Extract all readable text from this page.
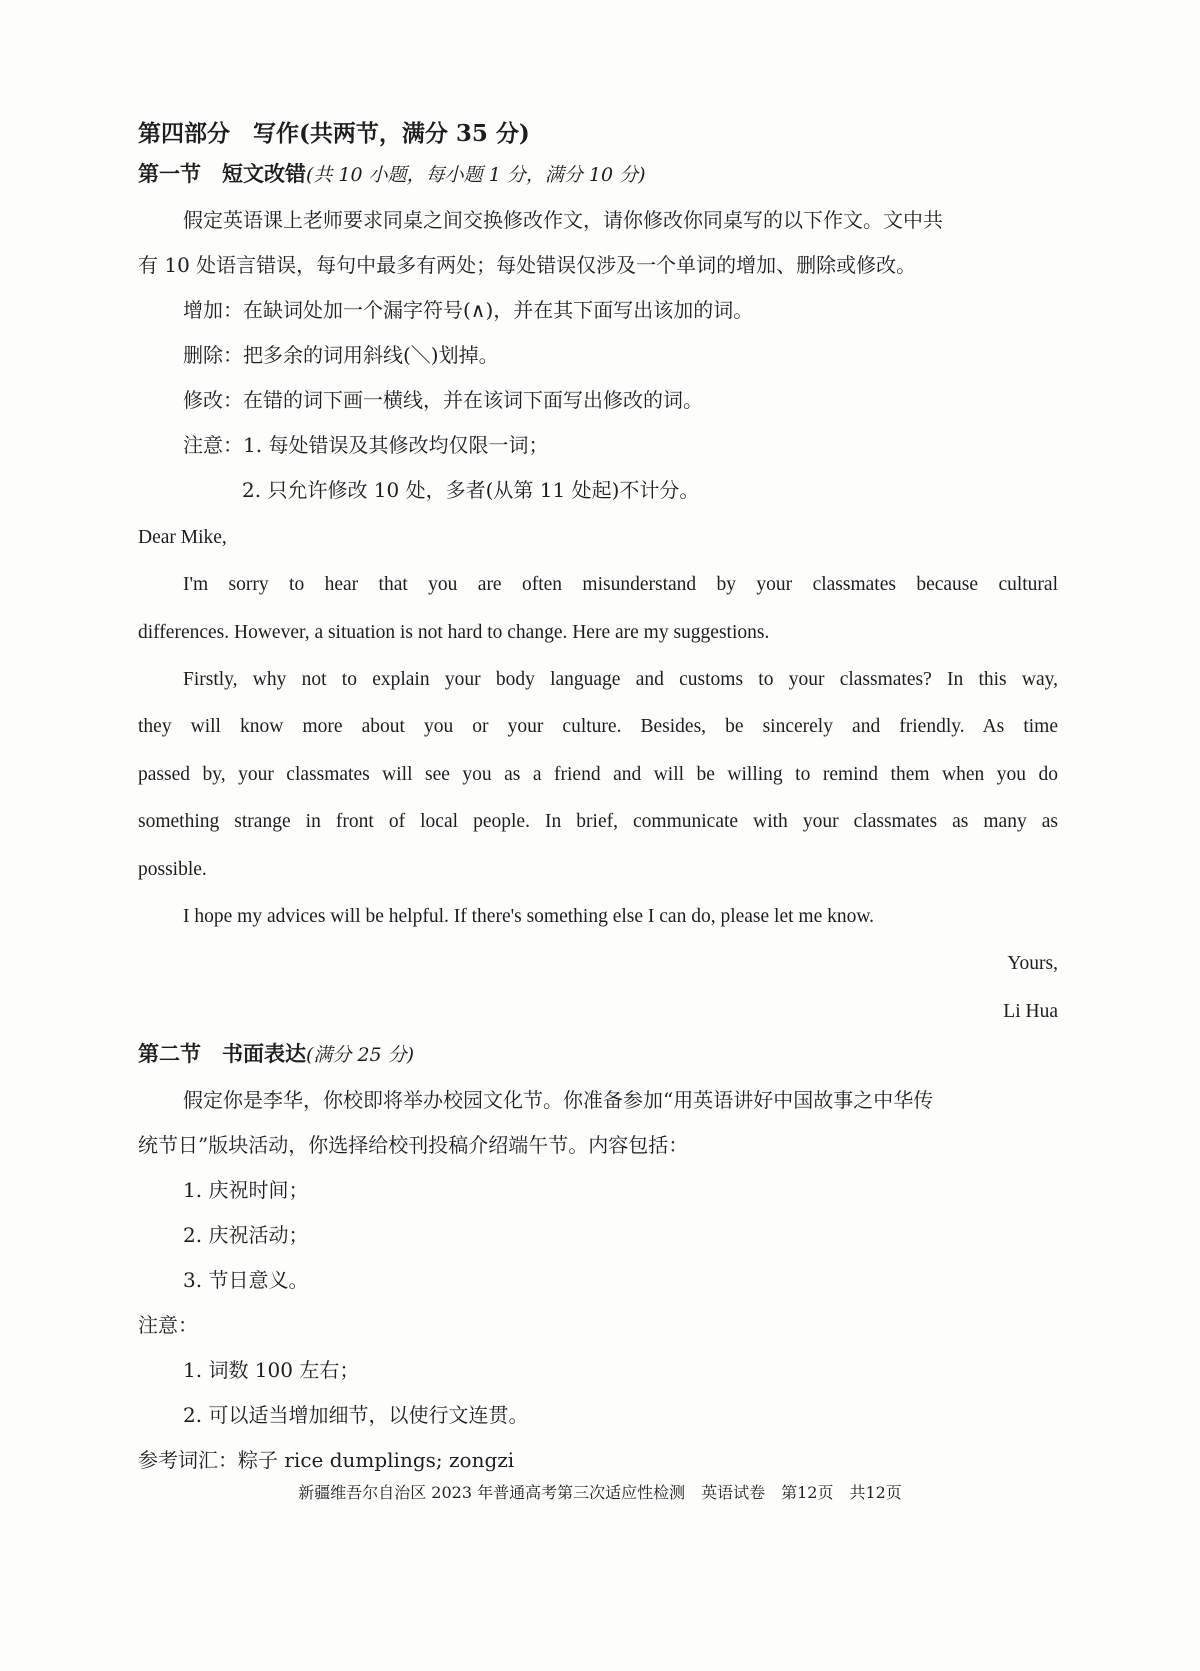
第四部分　写作(共两节，满分 35 分)

第一节　短文改错(共 10 小题，每小题 1 分，满分 10 分)

假定英语课上老师要求同桌之间交换修改作文，请你修改你同桌写的以下作文。文中共

有 10 处语言错误，每句中最多有两处；每处错误仅涉及一个单词的增加、删除或修改。

增加：在缺词处加一个漏字符号(∧)，并在其下面写出该加的词。

删除：把多余的词用斜线(＼)划掉。

修改：在错的词下画一横线，并在该词下面写出修改的词。

注意：1. 每处错误及其修改均仅限一词；

2. 只允许修改 10 处，多者(从第 11 处起)不计分。

Dear Mike,

I'm sorry to hear that you are often misunderstand by your classmates because cultural

differences. However, a situation is not hard to change. Here are my suggestions.

Firstly, why not to explain your body language and customs to your classmates? In this way,

they will know more about you or your culture. Besides, be sincerely and friendly. As time

passed by, your classmates will see you as a friend and will be willing to remind them when you do

something strange in front of local people. In brief, communicate with your classmates as many as

possible.

I hope my advices will be helpful. If there's something else I can do, please let me know.

Yours,

Li Hua

第二节　书面表达(满分 25 分)

假定你是李华，你校即将举办校园文化节。你准备参加“用英语讲好中国故事之中华传

统节日”版块活动，你选择给校刊投稿介绍端午节。内容包括：

1. 庆祝时间；

2. 庆祝活动；

3. 节日意义。

注意：

1. 词数 100 左右；

2. 可以适当增加细节，以使行文连贯。

参考词汇：粽子 rice dumplings; zongzi

新疆维吾尔自治区 2023 年普通高考第三次适应性检测　英语试卷　第12页　共12页
